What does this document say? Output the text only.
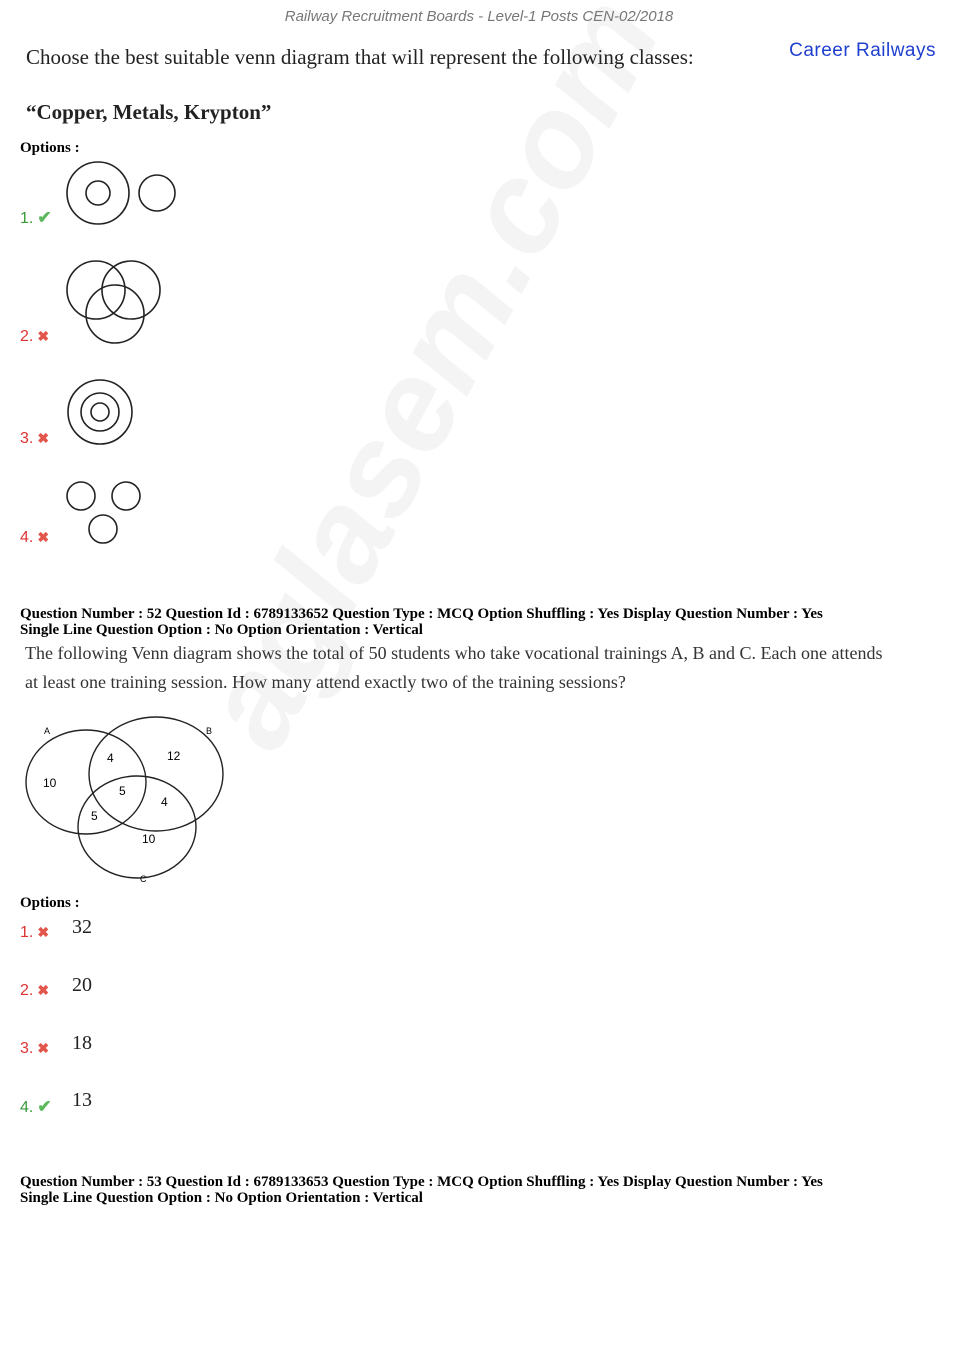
Railway Recruitment Boards - Level-1 Posts CEN-02/2018
Career Railways
Choose the best suitable venn diagram that will represent the following classes:
“Copper, Metals, Krypton”
Options :
1. ✔
2. ✖
3. ✖
4. ✖
Question Number : 52 Question Id : 6789133652 Question Type : MCQ Option Shuffling : Yes Display Question Number : Yes
Single Line Question Option : No Option Orientation : Vertical
The following Venn diagram shows the total of 50 students who take vocational trainings A, B and C. Each one attends
at least one training session. How many attend exactly two of the training sessions?
A	B
C
10
4	12
5
4
5
10
Options :
1. ✖ 32
2. ✖ 20
3. ✖ 18
4. ✔ 13
Question Number : 53 Question Id : 6789133653 Question Type : MCQ Option Shuffling : Yes Display Question Number : Yes
Single Line Question Option : No Option Orientation : Vertical
